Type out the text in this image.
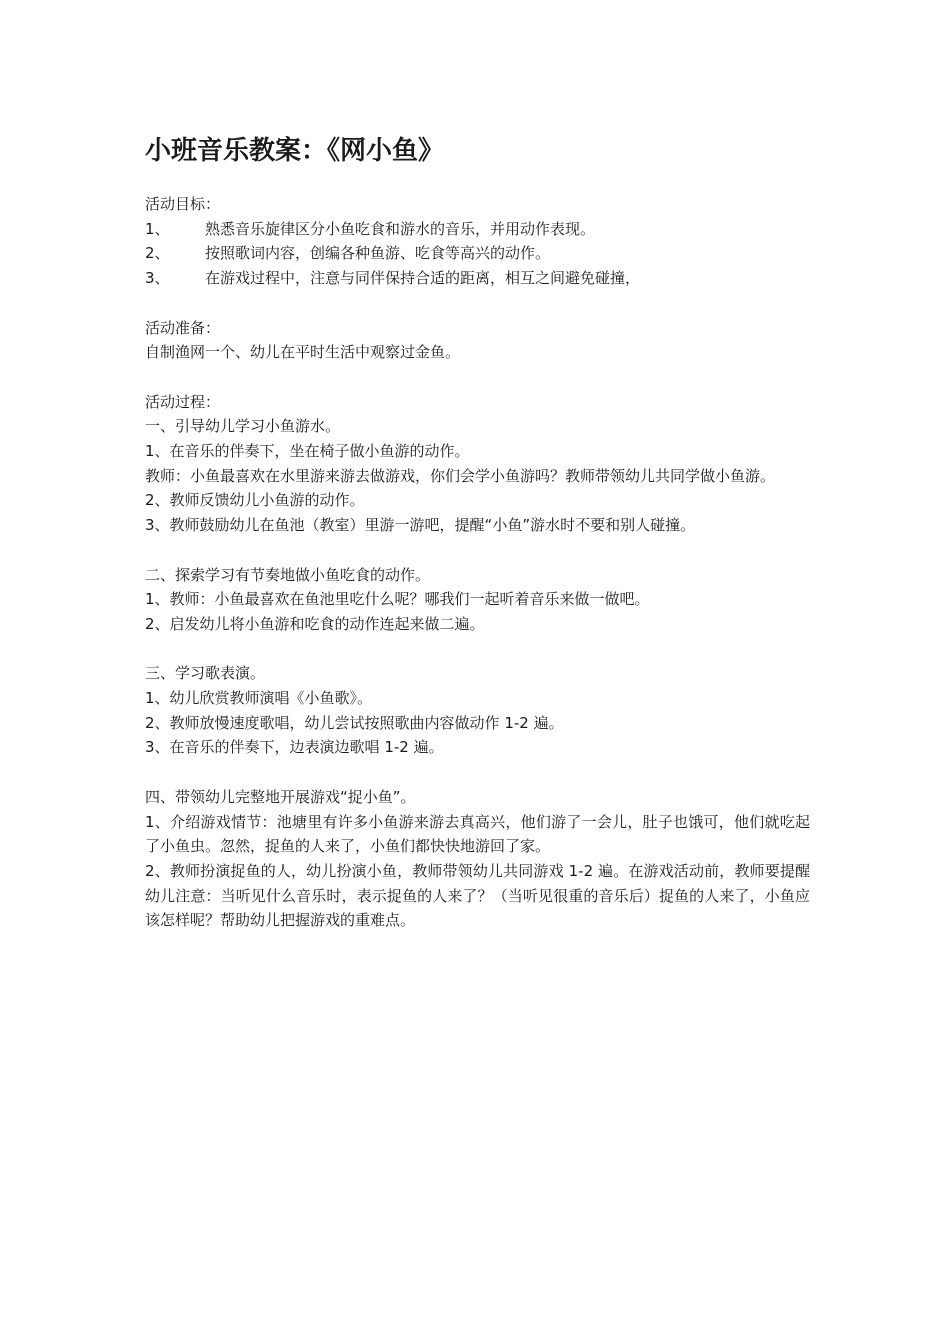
小班音乐教案：《网小鱼》
活动目标：
1、 熟悉音乐旋律区分小鱼吃食和游水的音乐，并用动作表现。
2、 按照歌词内容，创编各种鱼游、吃食等高兴的动作。
3、 在游戏过程中，注意与同伴保持合适的距离，相互之间避免碰撞，
活动准备：
自制渔网一个、幼儿在平时生活中观察过金鱼。
活动过程：
一、引导幼儿学习小鱼游水。
1、在音乐的伴奏下，坐在椅子做小鱼游的动作。
教师：小鱼最喜欢在水里游来游去做游戏，你们会学小鱼游吗？教师带领幼儿共同学做小鱼游。
2、教师反馈幼儿小鱼游的动作。
3、教师鼓励幼儿在鱼池（教室）里游一游吧，提醒“小鱼”游水时不要和别人碰撞。
二、探索学习有节奏地做小鱼吃食的动作。
1、教师：小鱼最喜欢在鱼池里吃什么呢？哪我们一起听着音乐来做一做吧。
2、启发幼儿将小鱼游和吃食的动作连起来做二遍。
三、学习歌表演。
1、幼儿欣赏教师演唱《小鱼歌》。
2、教师放慢速度歌唱，幼儿尝试按照歌曲内容做动作 1-2 遍。
3、在音乐的伴奏下，边表演边歌唱 1-2 遍。
四、带领幼儿完整地开展游戏“捉小鱼”。
1、介绍游戏情节：池塘里有许多小鱼游来游去真高兴，他们游了一会儿，肚子也饿可，他们就吃起了小鱼虫。忽然，捉鱼的人来了，小鱼们都快快地游回了家。
2、教师扮演捉鱼的人，幼儿扮演小鱼，教师带领幼儿共同游戏 1-2 遍。在游戏活动前，教师要提醒幼儿注意：当听见什么音乐时，表示捉鱼的人来了？（当听见很重的音乐后）捉鱼的人来了，小鱼应该怎样呢？帮助幼儿把握游戏的重难点。
